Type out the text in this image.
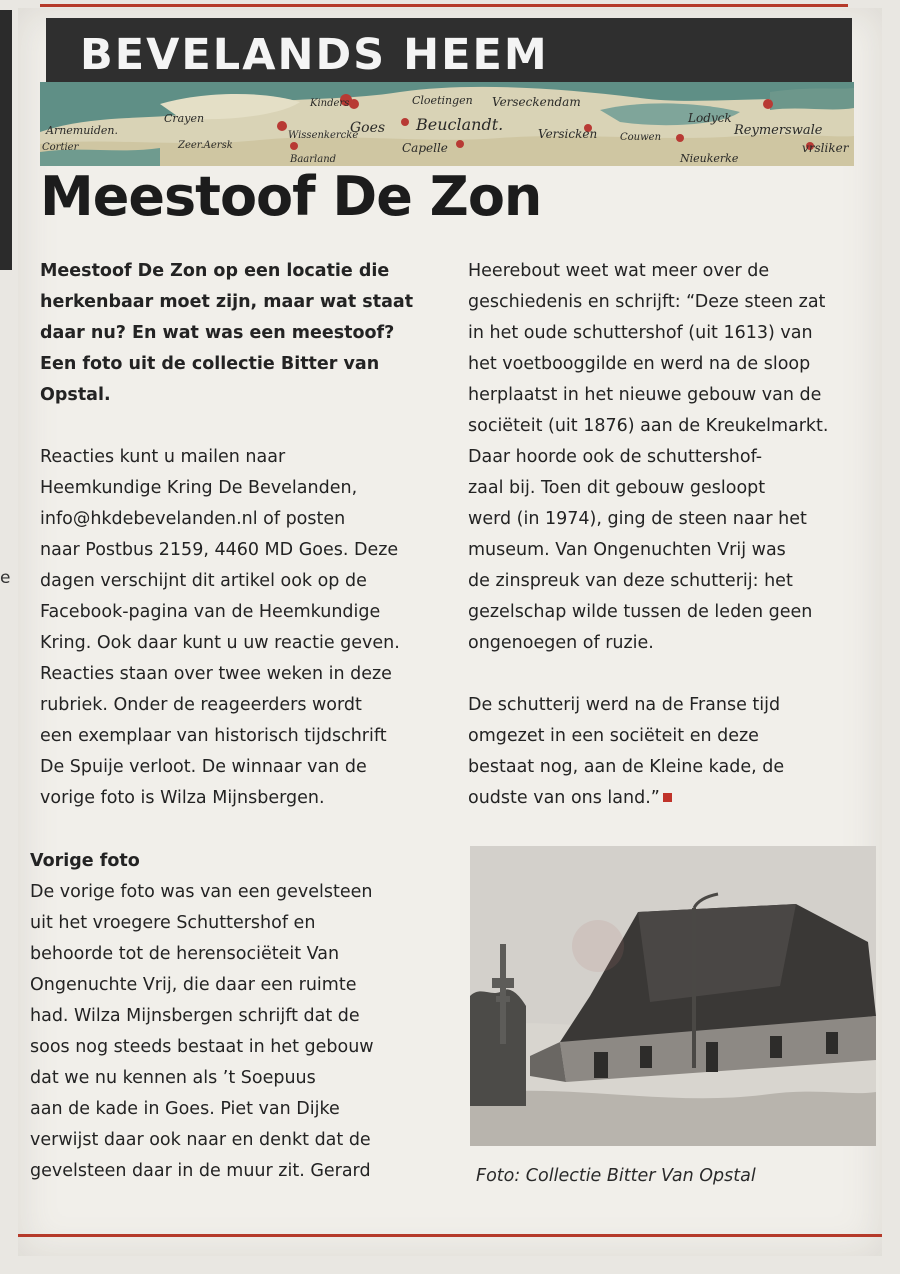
e
BEVELANDS HEEM
Arnemuiden.
Cortier
Crayen
Zeer.Aersk
Wissenkercke
Kinders
Goes
Baarland
Cloetingen Verseckendam
Beuclandt.
Capelle
Versicken Couwen
Lodyck
Reymerswale
Nieukerke
vrsliker

Meestoof De Zon

Meestoof De Zon op een locatie die
herkenbaar moet zijn, maar wat staat
daar nu? En wat was een meestoof?
Een foto uit de collectie Bitter van
Opstal.

Reacties kunt u mailen naar
Heemkundige Kring De Bevelanden,
info@hkdebevelanden.nl of posten
naar Postbus 2159, 4460 MD Goes. Deze
dagen verschijnt dit artikel ook op de
Facebook-pagina van de Heemkundige
Kring. Ook daar kunt u uw reactie geven.
Reacties staan over twee weken in deze
rubriek. Onder de reageerders wordt
een exemplaar van historisch tijdschrift
De Spuije verloot. De winnaar van de
vorige foto is Wilza Mijnsbergen.

Heerebout weet wat meer over de
geschiedenis en schrijft: “Deze steen zat
in het oude schuttershof (uit 1613) van
het voetbooggilde en werd na de sloop
herplaatst in het nieuwe gebouw van de
sociëteit (uit 1876) aan de Kreukelmarkt.
Daar hoorde ook de schuttershof-
zaal bij. Toen dit gebouw gesloopt
werd (in 1974), ging de steen naar het
museum. Van Ongenuchten Vrij was
de zinspreuk van deze schutterij: het
gezelschap wilde tussen de leden geen
ongenoegen of ruzie.

De schutterij werd na de Franse tijd
omgezet in een sociëteit en deze
bestaat nog, aan de Kleine kade, de
oudste van ons land.”

Vorige foto

De vorige foto was van een gevelsteen
uit het vroegere Schuttershof en
behoorde tot de herensociëteit Van
Ongenuchte Vrij, die daar een ruimte
had. Wilza Mijnsbergen schrijft dat de
soos nog steeds bestaat in het gebouw
dat we nu kennen als ’t Soepuus
aan de kade in Goes. Piet van Dijke
verwijst daar ook naar en denkt dat de
gevelsteen daar in de muur zit. Gerard	Foto: Collectie Bitter Van Opstal
